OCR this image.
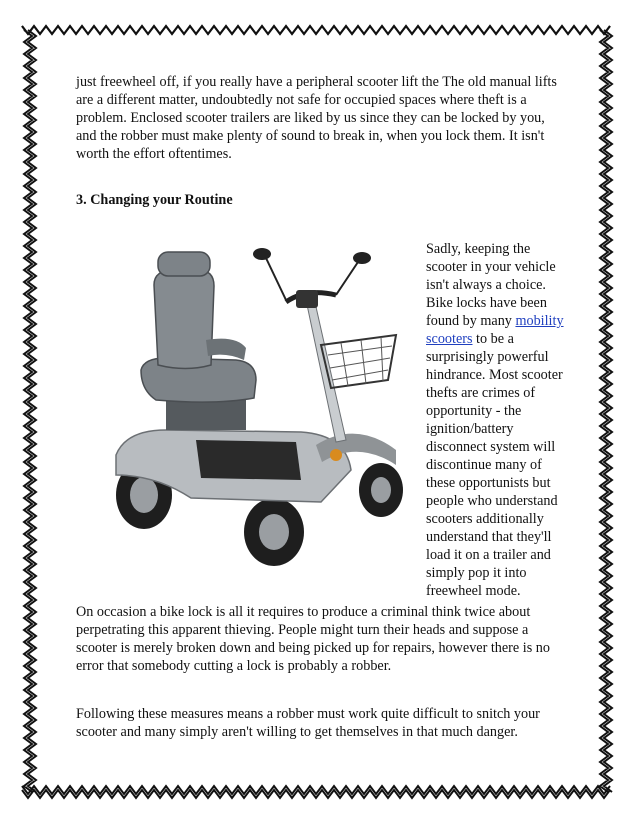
just freewheel off, if you really have a peripheral scooter lift the The old manual lifts are a different matter, undoubtedly not safe for occupied spaces where theft is a problem. Enclosed scooter trailers are liked by us since they can be locked by you, and the robber must make plenty of sound to break in, when you lock them. It isn't worth the effort oftentimes.

3. Changing your Routine

Sadly, keeping the scooter in your vehicle isn't always a choice. Bike locks have been found by many mobility scooters to be a surprisingly powerful hindrance. Most scooter thefts are crimes of opportunity - the ignition/battery disconnect system will discontinue many of these opportunists but people who understand scooters additionally understand that they'll load it on a trailer and simply pop it into freewheel mode.

On occasion a bike lock is all it requires to produce a criminal think twice about perpetrating this apparent thieving. People might turn their heads and suppose a scooter is merely broken down and being picked up for repairs, however there is no error that somebody cutting a lock is probably a robber.

Following these measures means a robber must work quite difficult to snitch your scooter and many simply aren't willing to get themselves in that much danger.
